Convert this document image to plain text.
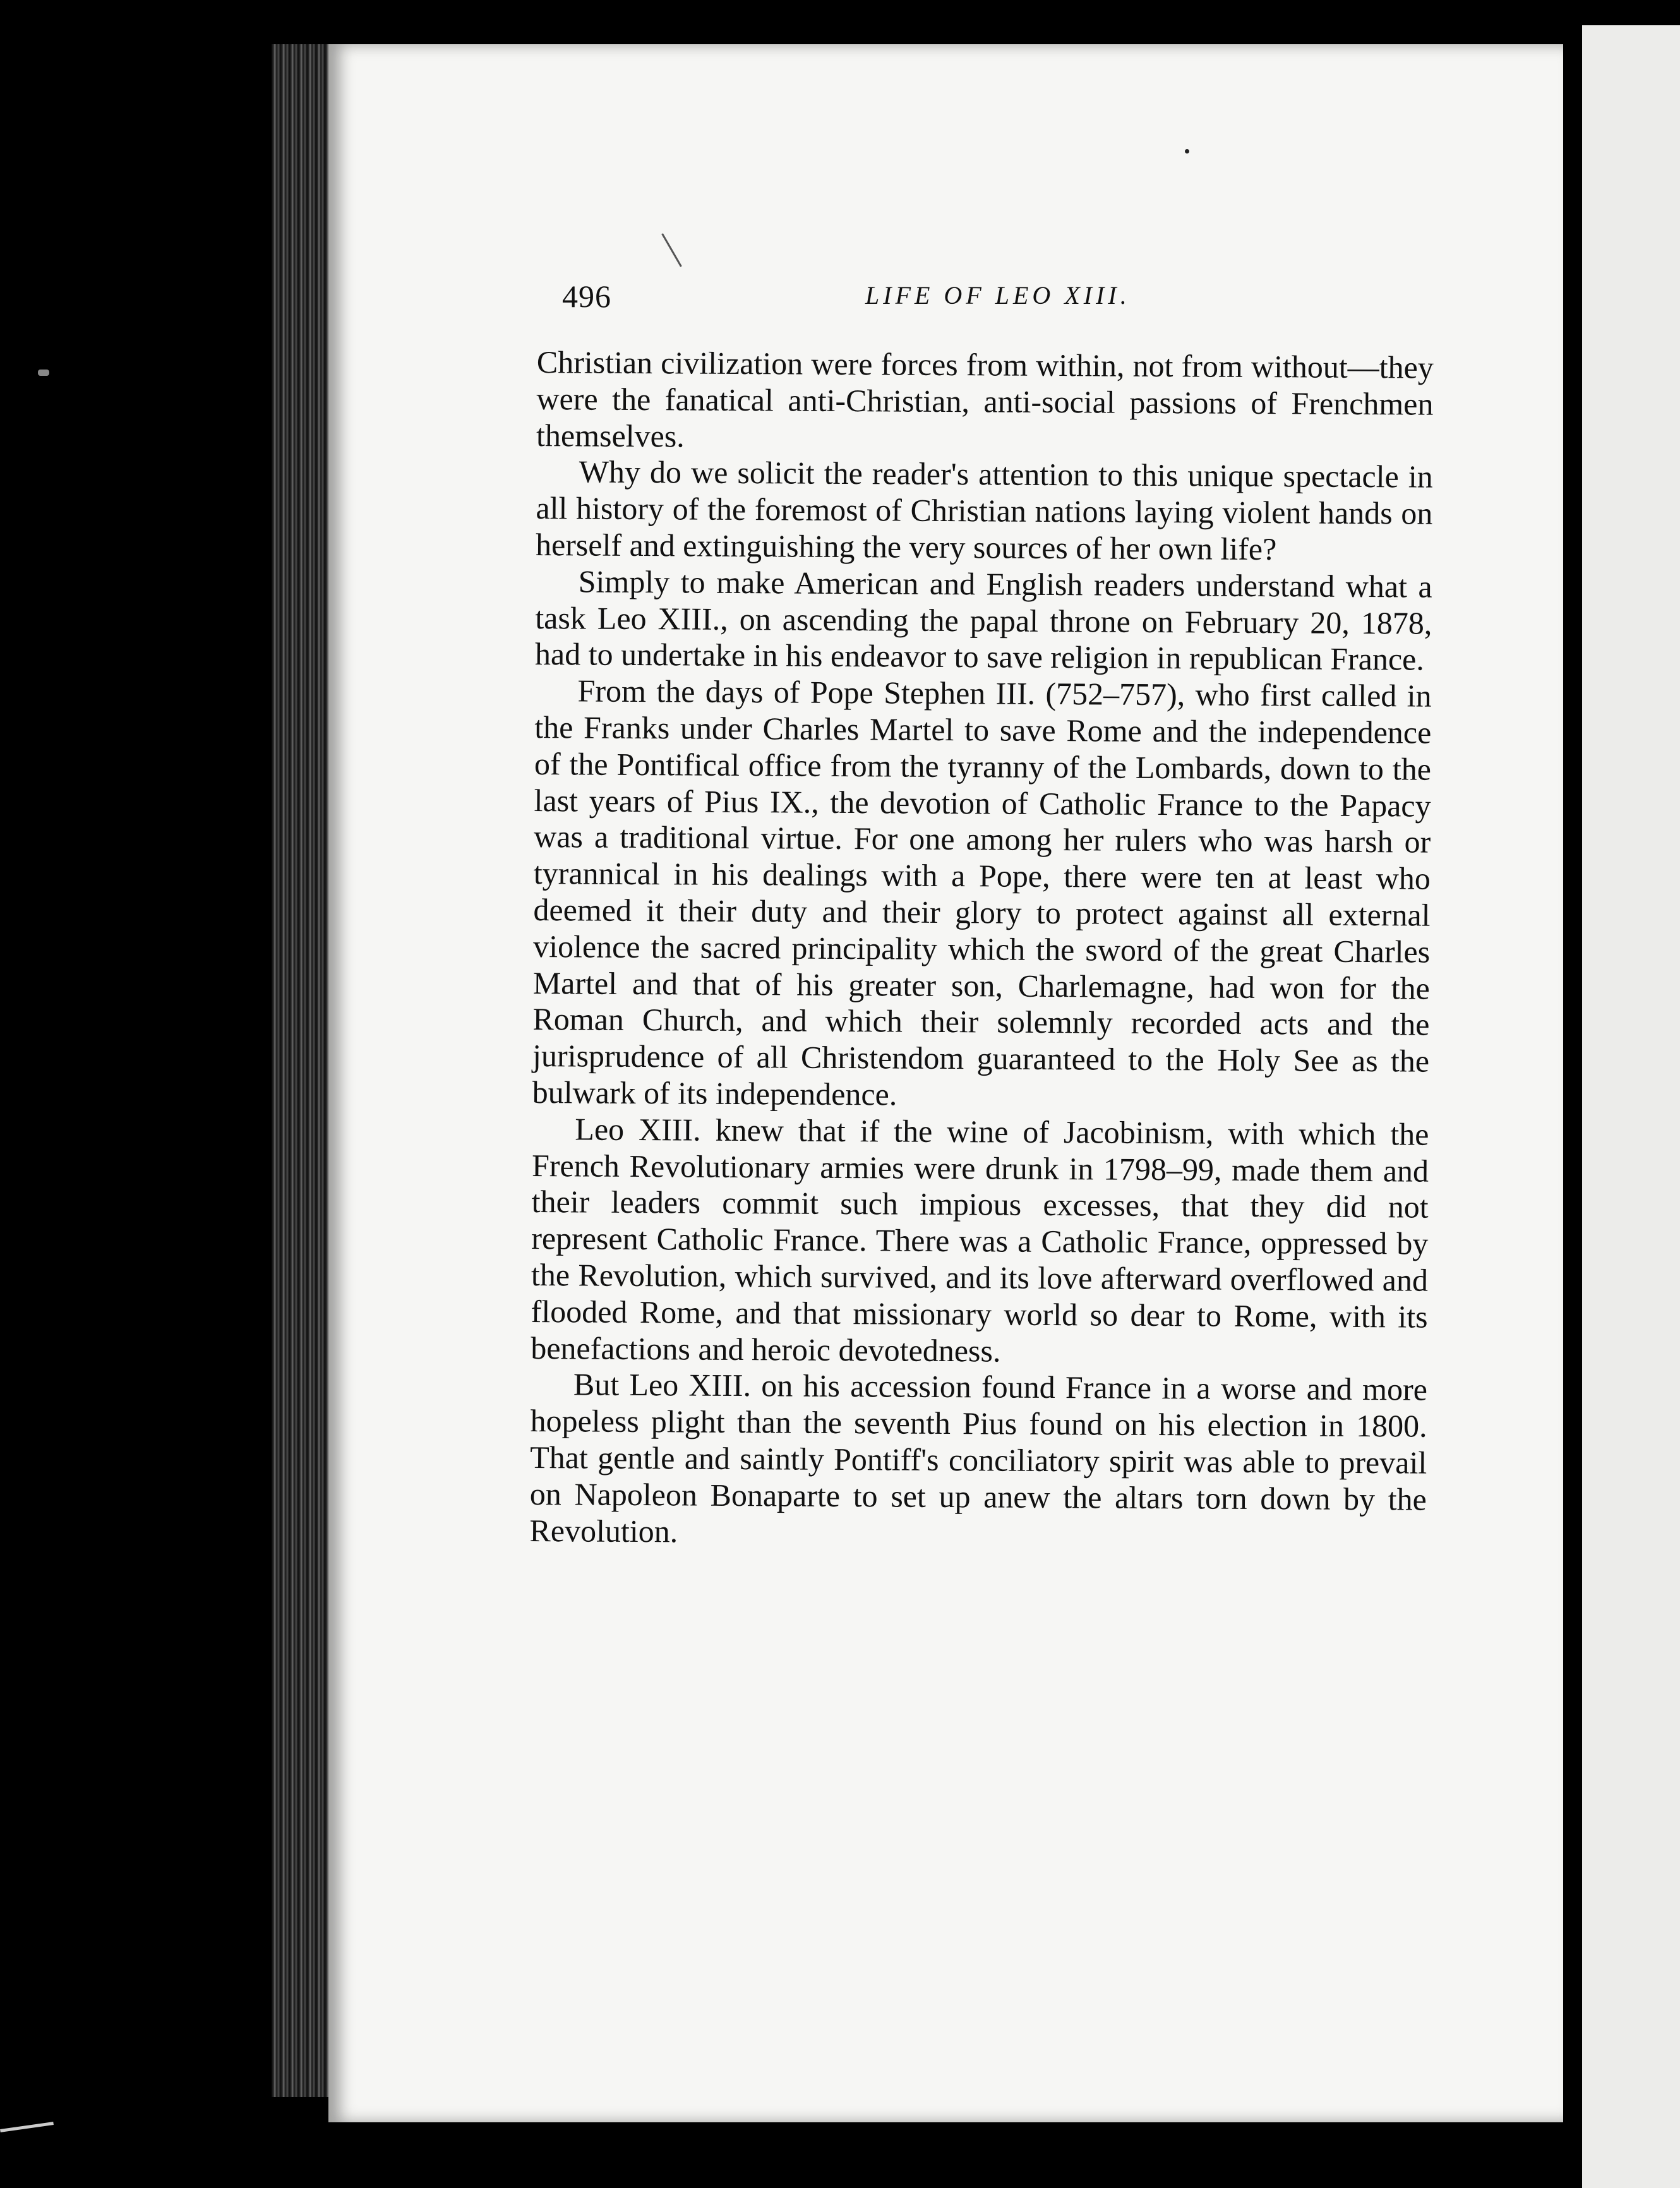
496	LIFE OF LEO XIII.

Christian civilization were forces from within, not from without—they were the fanatical anti-Christian, anti-social passions of Frenchmen themselves.

Why do we solicit the reader's attention to this unique spectacle in all history of the foremost of Christian nations laying violent hands on herself and extinguishing the very sources of her own life?

Simply to make American and English readers understand what a task Leo XIII., on ascending the papal throne on February 20, 1878, had to undertake in his endeavor to save religion in republican France.

From the days of Pope Stephen III. (752–757), who first called in the Franks under Charles Martel to save Rome and the independence of the Pontifical office from the tyranny of the Lombards, down to the last years of Pius IX., the devotion of Catholic France to the Papacy was a traditional virtue. For one among her rulers who was harsh or tyrannical in his dealings with a Pope, there were ten at least who deemed it their duty and their glory to protect against all external violence the sacred principality which the sword of the great Charles Martel and that of his greater son, Charlemagne, had won for the Roman Church, and which their solemnly recorded acts and the jurisprudence of all Christendom guaranteed to the Holy See as the bulwark of its independence.

Leo XIII. knew that if the wine of Jacobinism, with which the French Revolutionary armies were drunk in 1798–99, made them and their leaders commit such impious excesses, that they did not represent Catholic France. There was a Catholic France, oppressed by the Revolution, which survived, and its love afterward overflowed and flooded Rome, and that missionary world so dear to Rome, with its benefactions and heroic devotedness.

But Leo XIII. on his accession found France in a worse and more hopeless plight than the seventh Pius found on his election in 1800. That gentle and saintly Pontiff's conciliatory spirit was able to prevail on Napoleon Bonaparte to set up anew the altars torn down by the Revolution.
